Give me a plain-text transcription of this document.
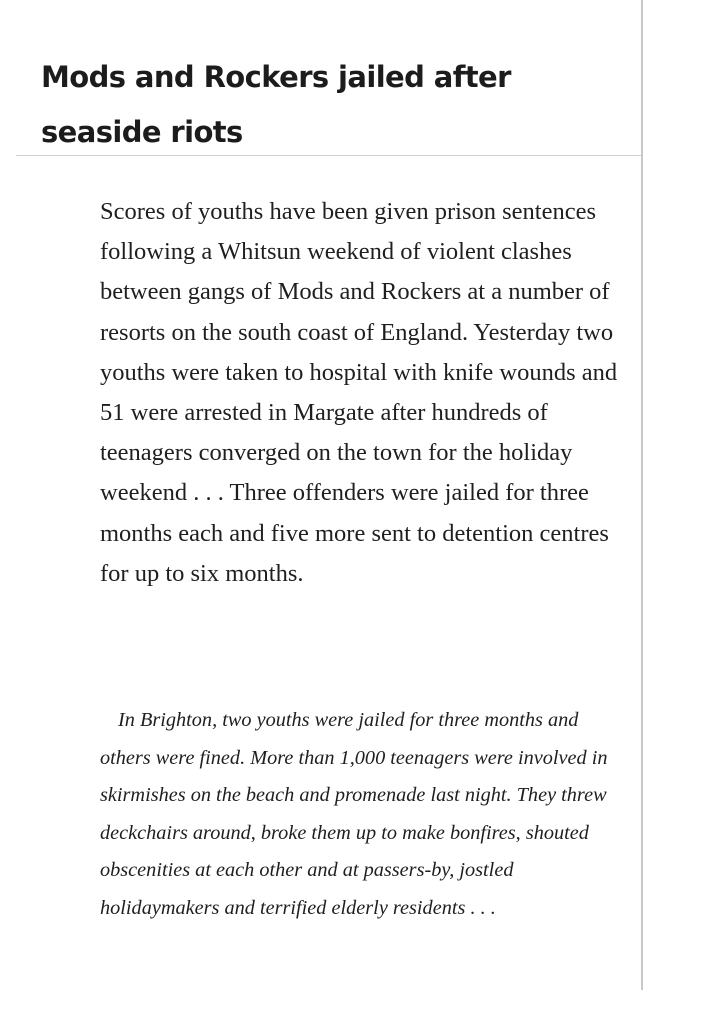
Mods and Rockers jailed after seaside riots

Scores of youths have been given prison sentences following a Whitsun weekend of violent clashes between gangs of Mods and Rockers at a number of resorts on the south coast of England. Yesterday two youths were taken to hospital with knife wounds and 51 were arrested in Margate after hundreds of teenagers converged on the town for the holiday weekend . . . Three offenders were jailed for three months each and five more sent to detention centres for up to six months.

In Brighton, two youths were jailed for three months and others were fined. More than 1,000 teenagers were involved in skirmishes on the beach and promenade last night. They threw deckchairs around, broke them up to make bonfires, shouted obscenities at each other and at passers-by, jostled holidaymakers and terrified elderly residents . . .
